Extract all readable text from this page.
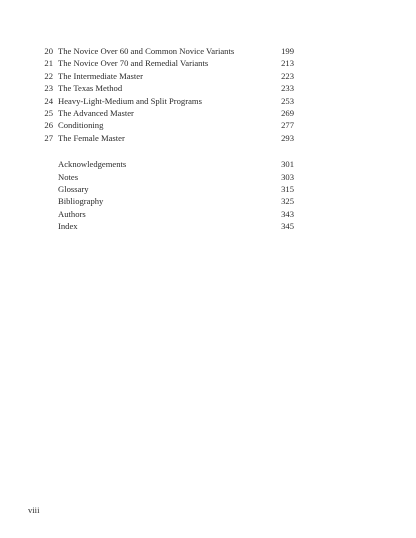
20 The Novice Over 60 and Common Novice Variants	199
21 The Novice Over 70 and Remedial Variants	213
22 The Intermediate Master	223
23 The Texas Method	233
24 Heavy-Light-Medium and Split Programs	253
25 The Advanced Master	269
26 Conditioning	277
27 The Female Master	293
Acknowledgements	301
Notes	303
Glossary	315
Bibliography	325
Authors	343
Index	345
viii
